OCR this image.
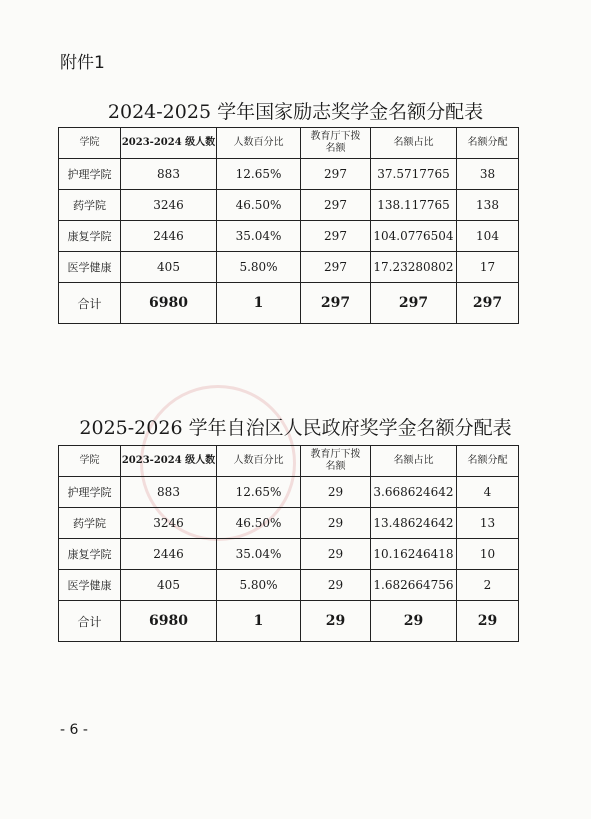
附件1
2024-2025 学年国家励志奖学金名额分配表
学院	2023-2024 级人数	人数百分比	教育厅下拨名额	名额占比	名额分配
护理学院	883	12.65%	297	37.5717765	38
药学院	3246	46.50%	297	138.117765	138
康复学院	2446	35.04%	297	104.0776504	104
医学健康	405	5.80%	297	17.23280802	17
合计	6980	1	297	297	297
2025-2026 学年自治区人民政府奖学金名额分配表
学院	2023-2024 级人数	人数百分比	教育厅下拨名额	名额占比	名额分配
护理学院	883	12.65%	29	3.668624642	4
药学院	3246	46.50%	29	13.48624642	13
康复学院	2446	35.04%	29	10.16246418	10
医学健康	405	5.80%	29	1.682664756	2
合计	6980	1	29	29	29
- 6 -
